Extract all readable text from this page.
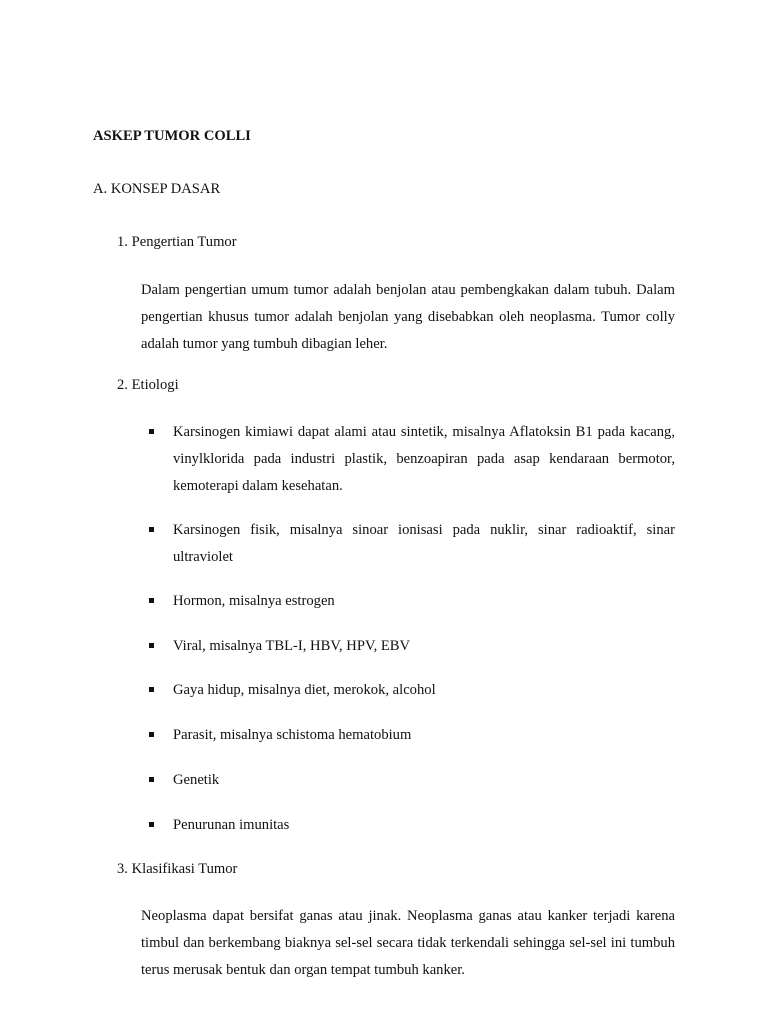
ASKEP TUMOR COLLI

A. KONSEP DASAR

1. Pengertian Tumor

Dalam pengertian umum tumor adalah benjolan atau pembengkakan dalam tubuh. Dalam pengertian khusus tumor adalah benjolan yang disebabkan oleh neoplasma. Tumor colly adalah tumor yang tumbuh dibagian leher.

2. Etiologi

Karsinogen kimiawi dapat alami atau sintetik, misalnya Aflatoksin B1 pada kacang, vinylklorida pada industri plastik, benzoapiran pada asap kendaraan bermotor, kemoterapi dalam kesehatan.
Karsinogen fisik, misalnya sinoar ionisasi pada nuklir, sinar radioaktif, sinar ultraviolet
Hormon, misalnya estrogen
Viral, misalnya TBL-I, HBV, HPV, EBV
Gaya hidup, misalnya diet, merokok, alcohol
Parasit, misalnya schistoma hematobium
Genetik
Penurunan imunitas

3. Klasifikasi Tumor

Neoplasma dapat bersifat ganas atau jinak. Neoplasma ganas atau kanker terjadi karena timbul dan berkembang biaknya sel-sel secara tidak terkendali sehingga sel-sel ini tumbuh terus merusak bentuk dan organ tempat tumbuh kanker.
